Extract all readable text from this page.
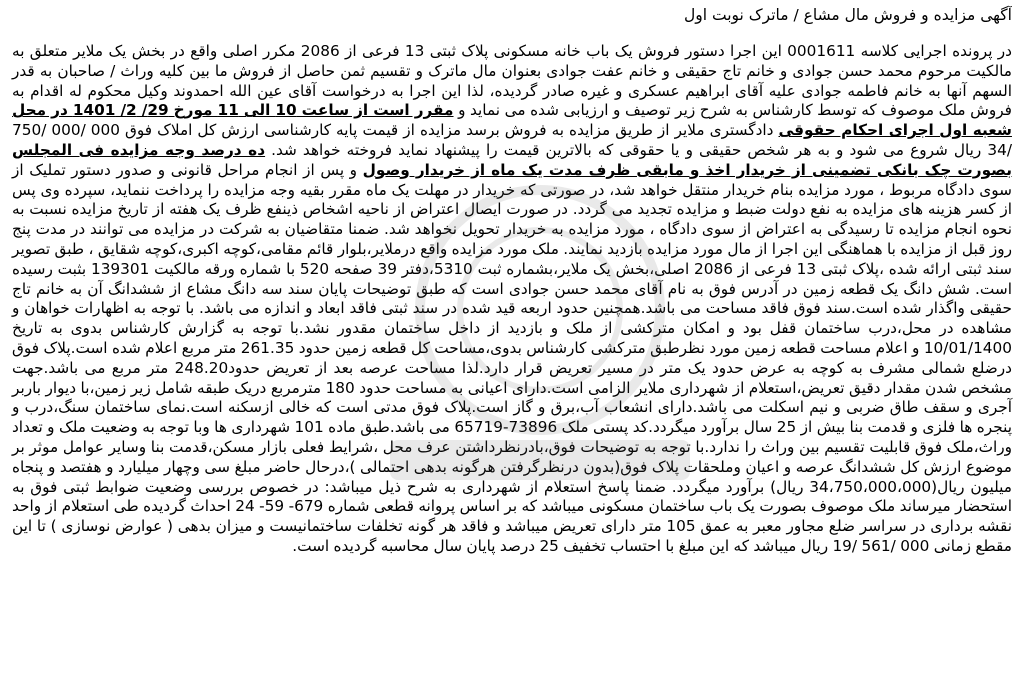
آگهی مزایده و فروش مال مشاع / ماترک نوبت اول
در پرونده اجرایی کلاسه 0001611 این اجرا دستور فروش یک باب خانه مسکونی پلاک ثبتی 13 فرعی از 2086 مکرر اصلی واقع در بخش یک ملایر متعلق به مالکیت مرحوم محمد حسن جوادی و خانم تاج حقیقی و خانم عفت جوادی بعنوان مال ماترک و تقسیم ثمن حاصل از فروش ما بین کلیه وراث / صاحبان به قدر السهم آنها به خانم فاطمه جوادی علیه آقای ابراهیم عسکری و غیره صادر گردیده، لذا این اجرا به درخواست آقای عین الله احمدوند وکیل محکوم له اقدام به فروش ملک موصوف که توسط کارشناس به شرح زیر توصیف و ارزیابی شده می نماید و مقرر است از ساعت 10 الی 11 مورخ 29/ 2/ 1401 در محل شعبه اول اجرای احکام حقوقی دادگستری ملایر از طریق مزایده به فروش برسد مزایده از قیمت پایه کارشناسی ارزش کل املاک فوق 000 /000 /750 /34 ریال شروع می شود و به هر شخص حقیقی و یا حقوقی که بالاترین قیمت را پیشنهاد نماید فروخته خواهد شد. ده درصد وجه مزایده فی المجلس بصورت چک بانکی تضمینی از خریدار اخذ و مابقی ظرف مدت یک ماه از خریدار وصول و پس از انجام مراحل قانونی و صدور دستور تملیک از سوی دادگاه مربوط ، مورد مزایده بنام خریدار منتقل خواهد شد، در صورتی که خریدار در مهلت یک ماه مقرر بقیه وجه مزایده را پرداخت ننماید، سپرده وی پس از کسر هزینه های مزایده به نفع دولت ضبط و مزایده تجدید می گردد. در صورت ایصال اعتراض از ناحیه اشخاص ذینفع ظرف یک هفته از تاریخ مزایده نسبت به نحوه انجام مزایده تا رسیدگی به اعتراض از سوی دادگاه ، مورد مزایده به خریدار تحویل نخواهد شد. ضمنا متقاضیان به شرکت در مزایده می توانند در مدت پنج روز قبل از مزایده با هماهنگی این اجرا از مال مورد مزایده بازدید نمایند. ملک مورد مزایده واقع درملایر،بلوار قائم مقامی،کوچه اکبری،کوچه شقایق ، طبق تصویر سند ثبتی ارائه شده ،پلاک ثبتی 13 فرعی از 2086 اصلی،بخش یک ملایر،بشماره ثبت 5310،دفتر 39 صفحه 520 با شماره ورقه مالکیت 139301 بثبت رسیده است. شش دانگ یک قطعه زمین در آدرس فوق به نام آقای محمد حسن جوادی است که طبق توضیحات پایان سند سه دانگ مشاع از ششدانگ آن به خانم تاج حقیقی واگذار شده است.سند فوق فاقد مساحت می باشد.همچنین حدود اربعه قید شده در سند ثبتی فاقد ابعاد و اندازه می باشد. با توجه به اظهارات خواهان و مشاهده در محل،درب ساختمان قفل بود و امکان مترکشی از ملک و بازدید از داخل ساختمان مقدور نشد.با توجه به گزارش کارشناس بدوی به تاریخ 10/01/1400 و اعلام مساحت قطعه زمین مورد نظرطبق مترکشی کارشناس بدوی،مساحت کل قطعه زمین حدود 261.35 متر مربع اعلام شده است.پلاک فوق درضلع شمالی مشرف به کوچه به عرض حدود یک متر در مسیر تعریض قرار دارد.لذا مساحت عرصه بعد از تعریض حدود248.20 متر مربع می باشد.جهت مشخص شدن مقدار دقیق تعریض،استعلام از شهرداری ملایر الزامی است.دارای اعیانی به مساحت حدود 180 مترمربع دریک طبقه شامل زیر زمین،با دیوار باربر آجری و سقف طاق ضربی و نیم اسکلت می باشد.دارای انشعاب آب،برق و گاز است.پلاک فوق مدتی است که خالی ازسکنه است.نمای ساختمان سنگ،درب و پنجره ها فلزی و قدمت بنا بیش از 25 سال برآورد میگردد.کد پستی ملک 73896-65719 می باشد.طبق ماده 101 شهرداری ها وبا توجه به وضعیت ملک و تعداد وراث،ملک فوق قابلیت تقسیم بین وراث را ندارد.با توجه به توضیحات فوق،بادرنظرداشتن عرف محل ،شرایط فعلی بازار مسکن،قدمت بنا وسایر عوامل موثر بر موضوع ارزش کل ششدانگ عرصه و اعیان وملحقات پلاک فوق(بدون درنظرگرفتن هرگونه بدهی احتمالی )،درحال حاضر مبلغ سی وچهار میلیارد و هفتصد و پنجاه میلیون ریال(34،750،000،000 ریال) برآورد میگردد. ضمنا پاسخ استعلام از شهرداری به شرح ذیل میباشد: در خصوص بررسی وضعیت ضوابط ثبتی فوق به استحضار میرساند ملک موصوف بصورت یک باب ساختمان مسکونی میباشد که بر اساس پروانه قطعی شماره 679- 59- 24 احداث گردیده طی استعلام از واحد نقشه برداری در سراسر ضلع مجاور معبر به عمق 105 متر دارای تعریض میباشد و فاقد هر گونه تخلفات ساختمانیست و میزان بدهی ( عوارض نوسازی ) تا این مقطع زمانی 000 /561 /19 ریال میباشد که این مبلغ با احتساب تخفیف 25 درصد پایان سال محاسبه گردیده است.
